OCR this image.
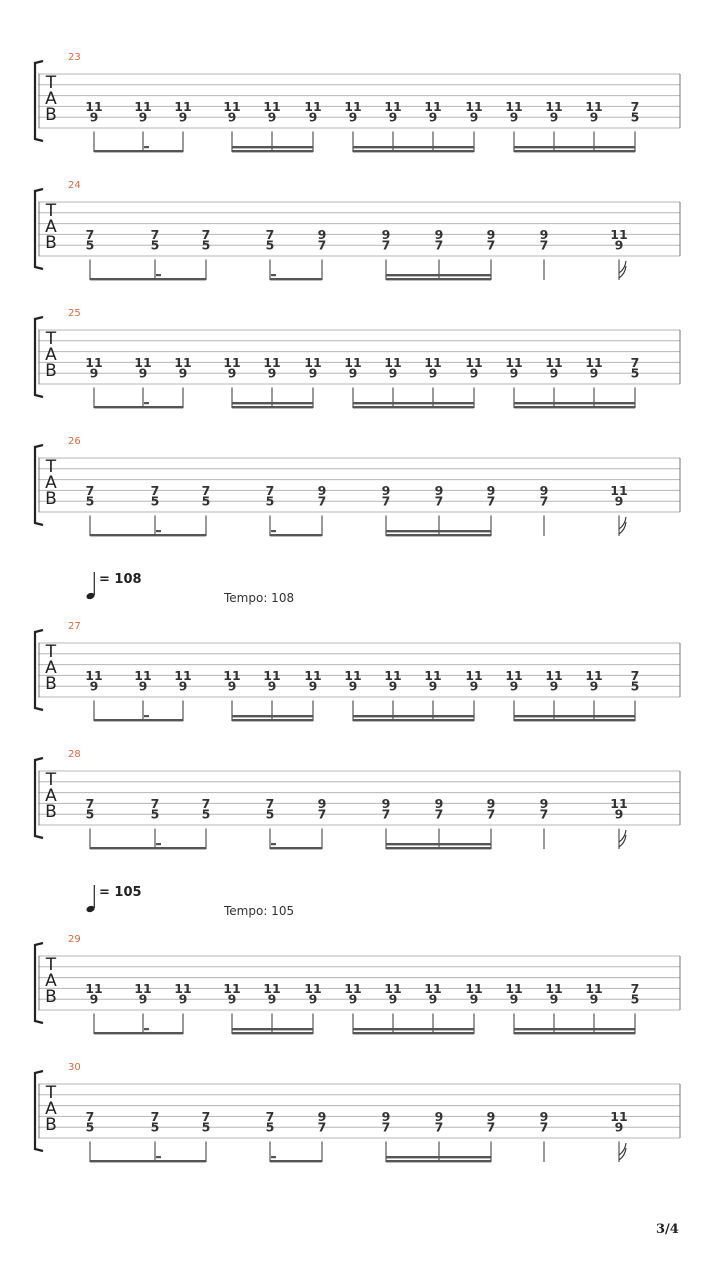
T
A
B 11
9
11
9
11
9
11
9
11
9
11
9
11
9
11
9
11
9
11
9
11
9
11
9
11
9
7
5
T
A
B 7
5
7
5
7
5
7
5
9
7
9
7
9
7
9
7
9
7
11
9
T
A
B 11
9
11
9
11
9
11
9
11
9
11
9
11
9
11
9
11
9
11
9
11
9
11
9
11
9
7
5
T
A
B 7
5
7
5
7
5
7
5
9
7
9
7
9
7
9
7
9
7
11
9
T
A
B 11
9
11
9
11
9
11
9
11
9
11
9
11
9
11
9
11
9
11
9
11
9
11
9
11
9
7
5
T
A
B 7
5
7
5
7
5
7
5
9
7
9
7
9
7
9
7
9
7
11
9
T
A
B 11
9
11
9
11
9
11
9
11
9
11
9
11
9
11
9
11
9
11
9
11
9
11
9
11
9
7
5
T
A
B 7
5
7
5
7
5
7
5
9
7
9
7
9
7
9
7
9
7
11
9
23
24
25
26
27
= 108
Tempo: 108
28
29
= 105
Tempo: 105
30
3/4
